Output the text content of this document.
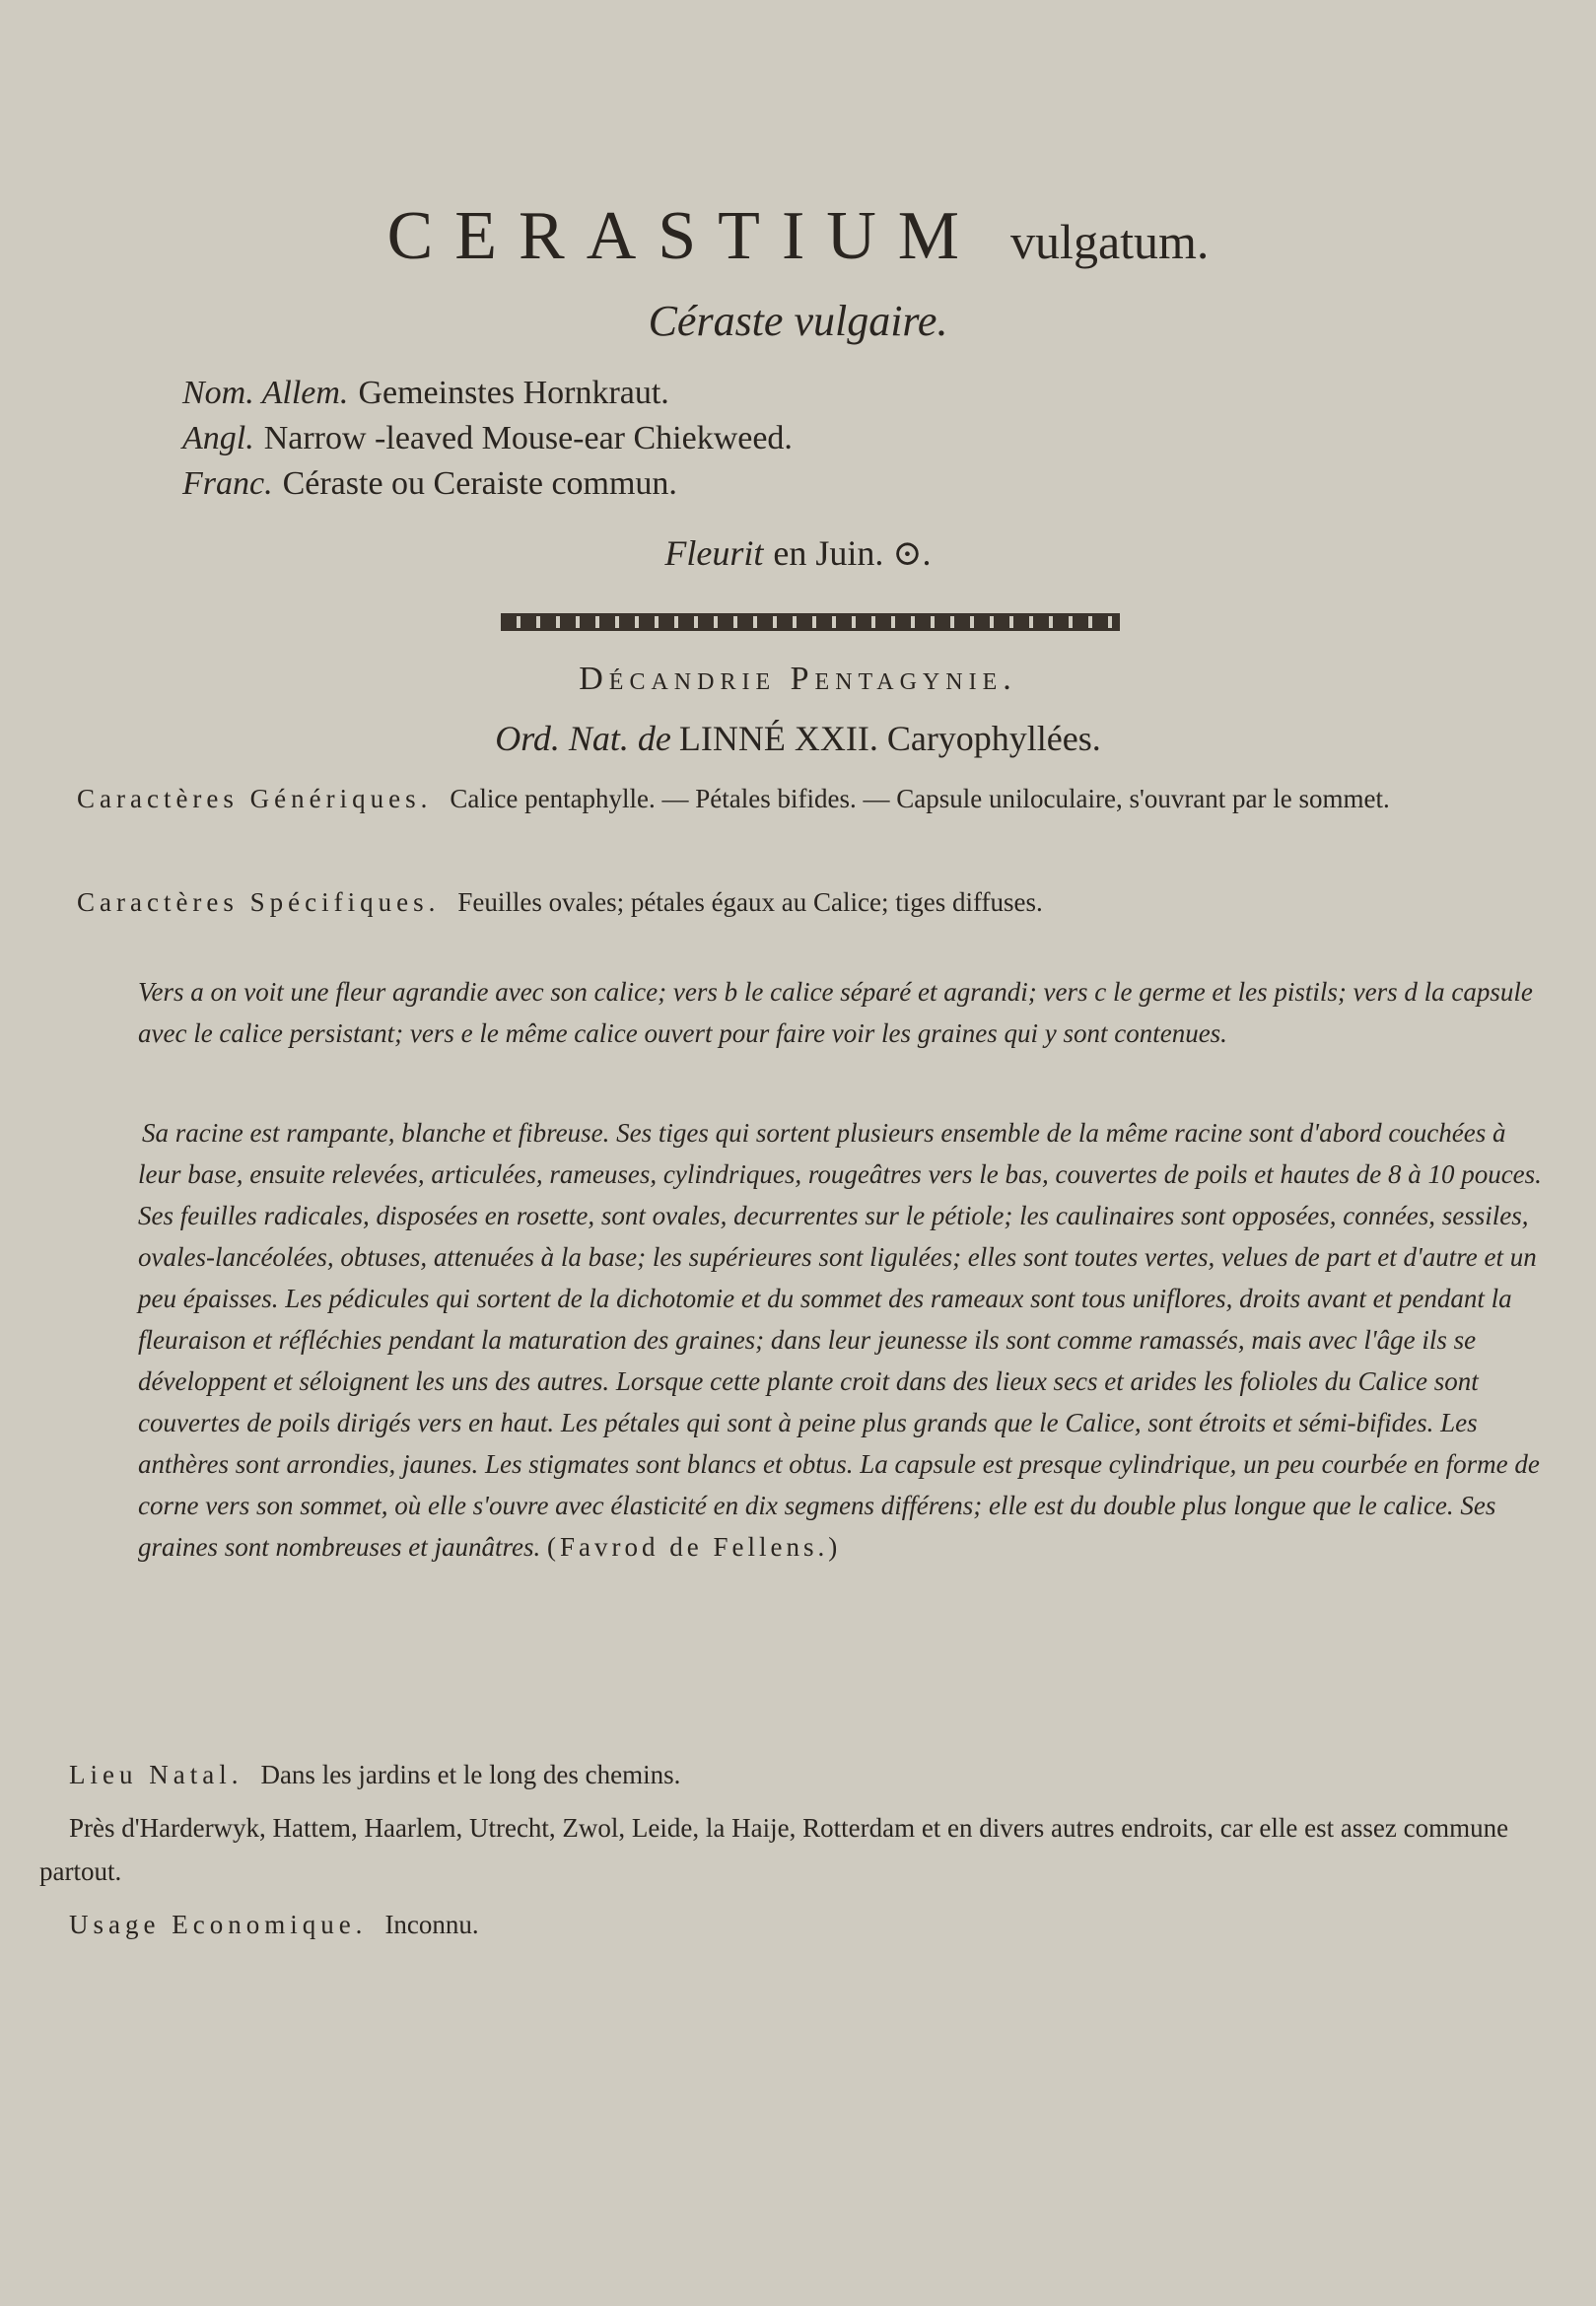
CERASTIUM vulgatum.
Céraste vulgaire.
Nom. Allem. Gemeinstes Hornkraut.
Angl. Narrow -leaved Mouse-ear Chiekweed.
Franc. Céraste ou Ceraiste commun.
Fleurit en Juin. ⊙.
Décandrie Pentagynie.
Ord. Nat. de LINNÉ XXII. Caryophyllées.
Caractères Génériques. Calice pentaphylle. — Pétales bifides. — Capsule uniloculaire, s'ouvrant par le sommet.
Caractères Spécifiques. Feuilles ovales; pétales égaux au Calice; tiges diffuses.
Vers a on voit une fleur agrandie avec son calice; vers b le calice séparé et agrandi; vers c le germe et les pistils; vers d la capsule avec le calice persistant; vers e le même calice ouvert pour faire voir les graines qui y sont contenues.
Sa racine est rampante, blanche et fibreuse. Ses tiges qui sortent plusieurs ensemble de la même racine sont d'abord couchées à leur base, ensuite relevées, articulées, rameuses, cylindriques, rougeâtres vers le bas, couvertes de poils et hautes de 8 à 10 pouces. Ses feuilles radicales, disposées en rosette, sont ovales, decurrentes sur le pétiole; les caulinaires sont opposées, connées, sessiles, ovales-lancéolées, obtuses, attenuées à la base; les supérieures sont ligulées; elles sont toutes vertes, velues de part et d'autre et un peu épaisses. Les pédicules qui sortent de la dichotomie et du sommet des rameaux sont tous uniflores, droits avant et pendant la fleuraison et réfléchies pendant la maturation des graines; dans leur jeunesse ils sont comme ramassés, mais avec l'âge ils se développent et séloignent les uns des autres. Lorsque cette plante croit dans des lieux secs et arides les folioles du Calice sont couvertes de poils dirigés vers en haut. Les pétales qui sont à peine plus grands que le Calice, sont étroits et sémi-bifides. Les anthères sont arrondies, jaunes. Les stigmates sont blancs et obtus. La capsule est presque cylindrique, un peu courbée en forme de corne vers son sommet, où elle s'ouvre avec élasticité en dix segmens différens; elle est du double plus longue que le calice. Ses graines sont nombreuses et jaunâtres. (Favrod de Fellens.)
Lieu Natal. Dans les jardins et le long des chemins.
Près d'Harderwyk, Hattem, Haarlem, Utrecht, Zwol, Leide, la Haije, Rotterdam et en divers autres endroits, car elle est assez commune partout.
Usage Economique. Inconnu.
